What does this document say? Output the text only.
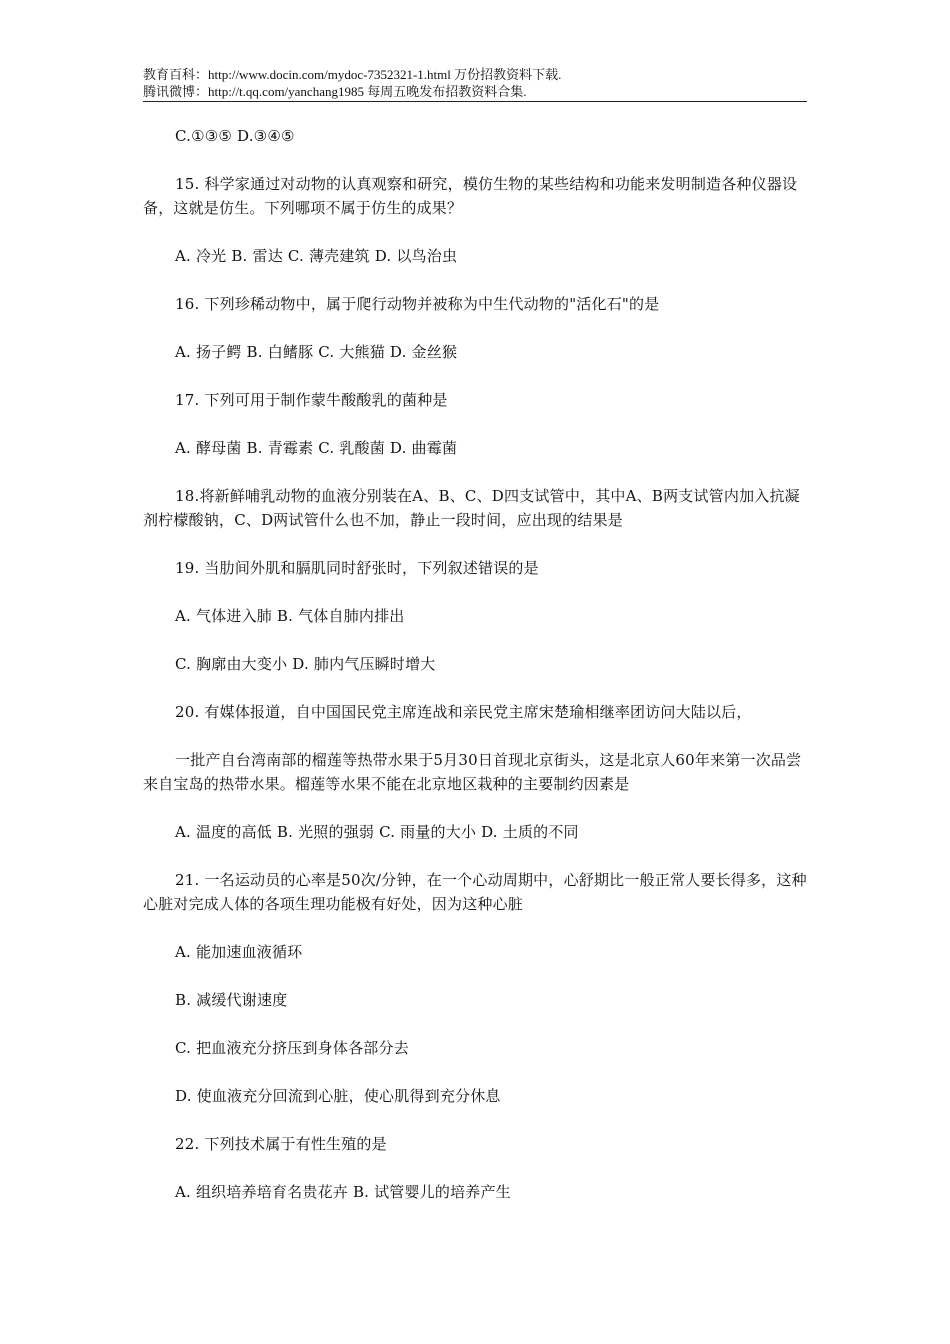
教育百科：http://www.docin.com/mydoc-7352321-1.html 万份招教资料下载.
腾讯微博：http://t.qq.com/yanchang1985 每周五晚发布招教资料合集.

C.①③⑤ D.③④⑤

15. 科学家通过对动物的认真观察和研究，模仿生物的某些结构和功能来发明制造各种仪器设备，这就是仿生。下列哪项不属于仿生的成果？

A. 冷光 B. 雷达 C. 薄壳建筑 D. 以鸟治虫

16. 下列珍稀动物中，属于爬行动物并被称为中生代动物的"活化石"的是

A. 扬子鳄 B. 白鳍豚 C. 大熊猫 D. 金丝猴

17. 下列可用于制作蒙牛酸酸乳的菌种是

A. 酵母菌 B. 青霉素 C. 乳酸菌 D. 曲霉菌

18.将新鲜哺乳动物的血液分别装在A、B、C、D四支试管中，其中A、B两支试管内加入抗凝剂柠檬酸钠，C、D两试管什么也不加，静止一段时间，应出现的结果是

19. 当肋间外肌和膈肌同时舒张时，下列叙述错误的是

A. 气体进入肺 B. 气体自肺内排出

C. 胸廓由大变小 D. 肺内气压瞬时增大

20. 有媒体报道，自中国国民党主席连战和亲民党主席宋楚瑜相继率团访问大陆以后，

一批产自台湾南部的榴莲等热带水果于5月30日首现北京街头，这是北京人60年来第一次品尝来自宝岛的热带水果。榴莲等水果不能在北京地区栽种的主要制约因素是

A. 温度的高低 B. 光照的强弱 C. 雨量的大小 D. 土质的不同

21. 一名运动员的心率是50次/分钟，在一个心动周期中，心舒期比一般正常人要长得多，这种心脏对完成人体的各项生理功能极有好处，因为这种心脏

A. 能加速血液循环

B. 减缓代谢速度

C. 把血液充分挤压到身体各部分去

D. 使血液充分回流到心脏，使心肌得到充分休息

22. 下列技术属于有性生殖的是

A. 组织培养培育名贵花卉 B. 试管婴儿的培养产生
